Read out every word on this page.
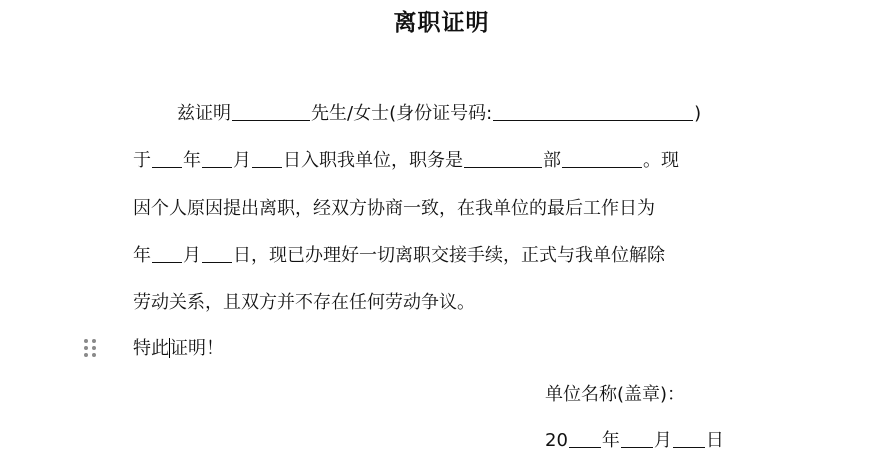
离职证明
兹证明	先生/女士(身份证号码:	)
于 年 月 日入职我单位，职务是	部	。现
因个人原因提出离职，经双方协商一致，在我单位的最后工作日为
年 月 日，现已办理好一切离职交接手续，正式与我单位解除
劳动关系，且双方并不存在任何劳动争议。
特此证明！
单位名称(盖章)：
20 年 月 日
